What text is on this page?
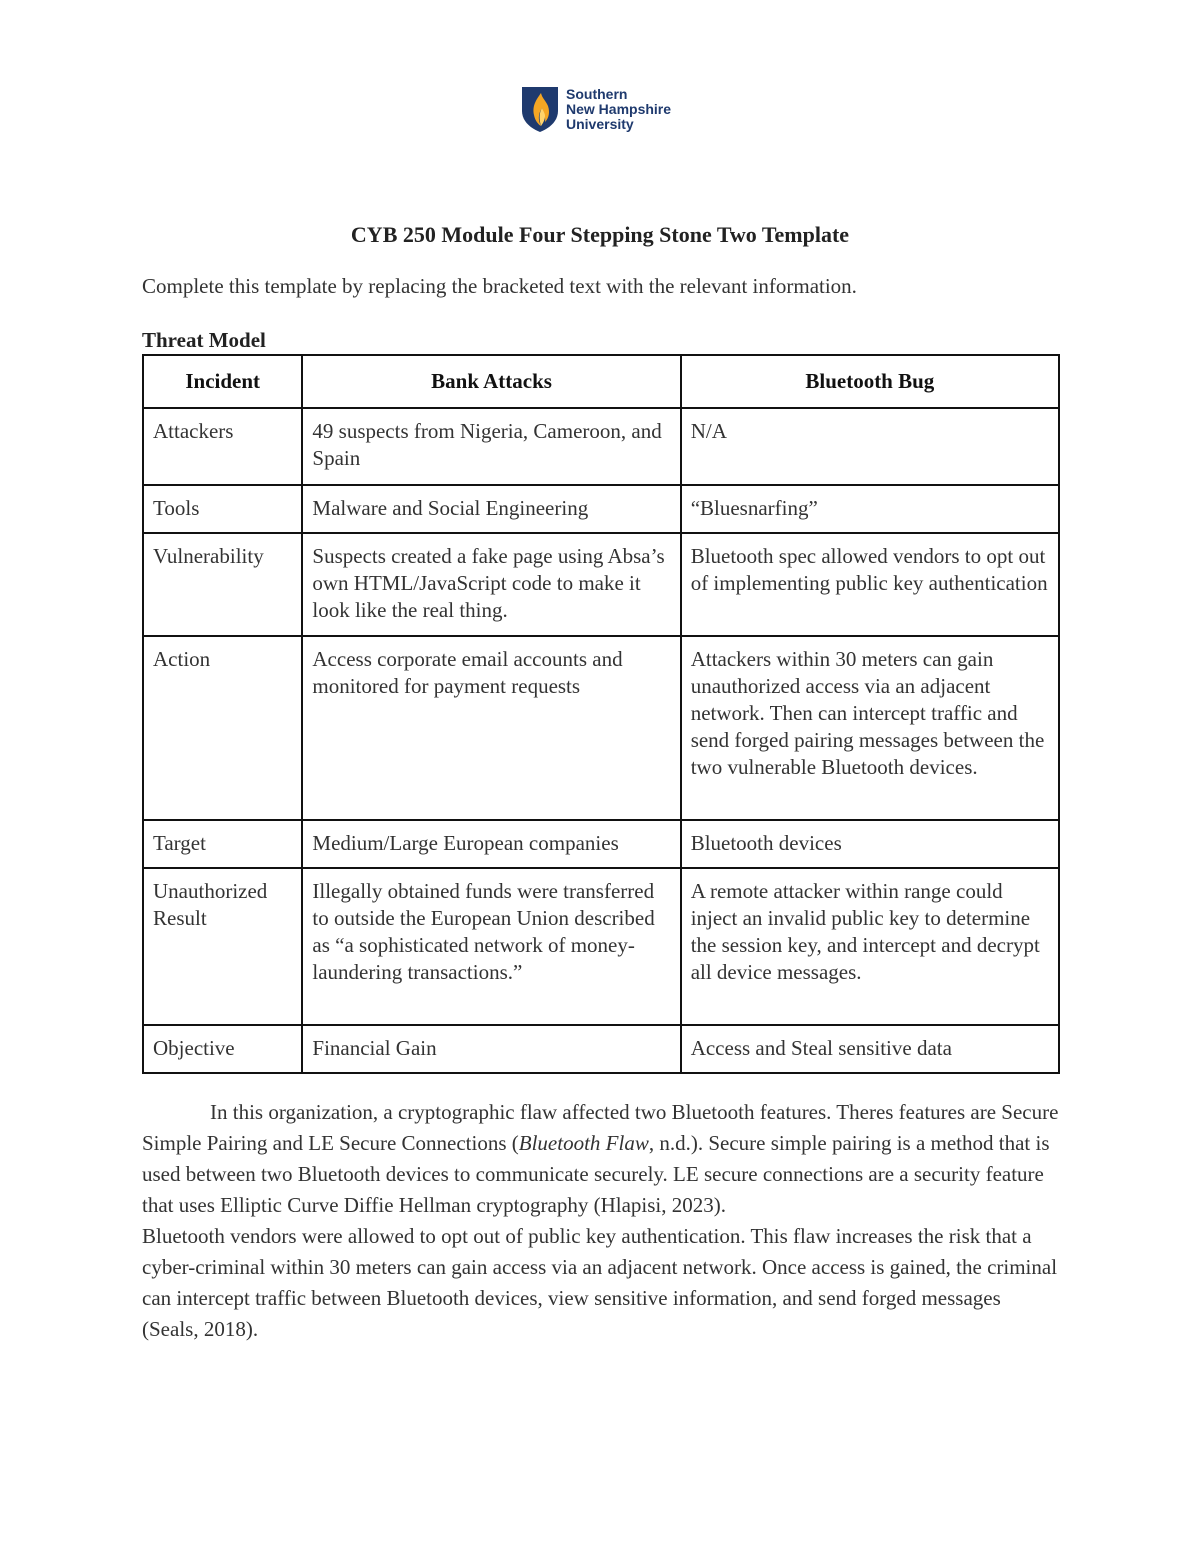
Southern
New Hampshire
University
CYB 250 Module Four Stepping Stone Two Template
Complete this template by replacing the bracketed text with the relevant information.
Threat Model
Incident	Bank Attacks	Bluetooth Bug
Attackers	49 suspects from Nigeria, Cameroon, and Spain	N/A
Tools	Malware and Social Engineering	“Bluesnarfing”
Vulnerability	Suspects created a fake page using Absa’s own HTML/JavaScript code to make it look like the real thing.	Bluetooth spec allowed vendors to opt out of implementing public key authentication
Action	Access corporate email accounts and monitored for payment requests	Attackers within 30 meters can gain unauthorized access via an adjacent network. Then can intercept traffic and send forged pairing messages between the two vulnerable Bluetooth devices.
Target	Medium/Large European companies	Bluetooth devices
Unauthorized Result	Illegally obtained funds were transferred to outside the European Union described as “a sophisticated network of money-laundering transactions.”	A remote attacker within range could inject an invalid public key to determine the session key, and intercept and decrypt all device messages.
Objective	Financial Gain	Access and Steal sensitive data

In this organization, a cryptographic flaw affected two Bluetooth features. Theres features are Secure Simple Pairing and LE Secure Connections (Bluetooth Flaw, n.d.). Secure simple pairing is a method that is used between two Bluetooth devices to communicate securely. LE secure connections are a security feature that uses Elliptic Curve Diffie Hellman cryptography (Hlapisi, 2023).

Bluetooth vendors were allowed to opt out of public key authentication. This flaw increases the risk that a cyber-criminal within 30 meters can gain access via an adjacent network. Once access is gained, the criminal can intercept traffic between Bluetooth devices, view sensitive information, and send forged messages (Seals, 2018).
